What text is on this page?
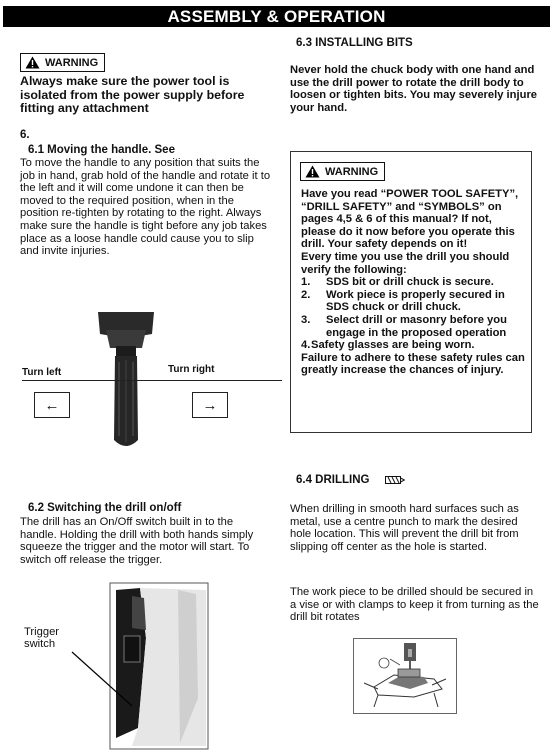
ASSEMBLY & OPERATION
WARNING
Always make sure the power tool is isolated from the power supply before fitting any attachment
6.
6.1 Moving the handle. See
To move the handle to any position that suits the job in hand, grab hold of the handle and rotate it to the left and it will come undone it can then be moved to the required position, when in the position re-tighten by rotating to the right. Always make sure the handle is tight before any job takes place as a loose handle could cause you to slip and invite injuries.
Turn left	Turn right
←	→
6.2 Switching the drill on/off
The drill has an On/Off switch built in to the handle. Holding the drill with both hands simply squeeze the trigger and the motor will start. To switch off release the trigger.
Trigger
switch
6.3 INSTALLING BITS
Never hold the chuck body with one hand and use the drill power to rotate the drill body to loosen or tighten bits. You may severely injure your hand.
WARNING
Have you read “POWER TOOL SAFETY”, “DRILL SAFETY” and “SYMBOLS” on pages 4,5 & 6 of this manual? If not, please do it now before you operate this drill. Your safety depends on it!
Every time you use the drill you should verify the following:
1.	SDS bit or drill chuck is secure.
2.	Work piece is properly secured in SDS chuck or drill chuck.
3.	Select drill or masonry before you engage in the proposed operation
4. Safety glasses are being worn.
Failure to adhere to these safety rules can greatly increase the chances of injury.
6.4 DRILLING
When drilling in smooth hard surfaces such as metal, use a centre punch to mark the desired hole location. This will prevent the drill bit from slipping off center as the hole is started.
The work piece to be drilled should be secured in a vise or with clamps to keep it from turning as the drill bit rotates
